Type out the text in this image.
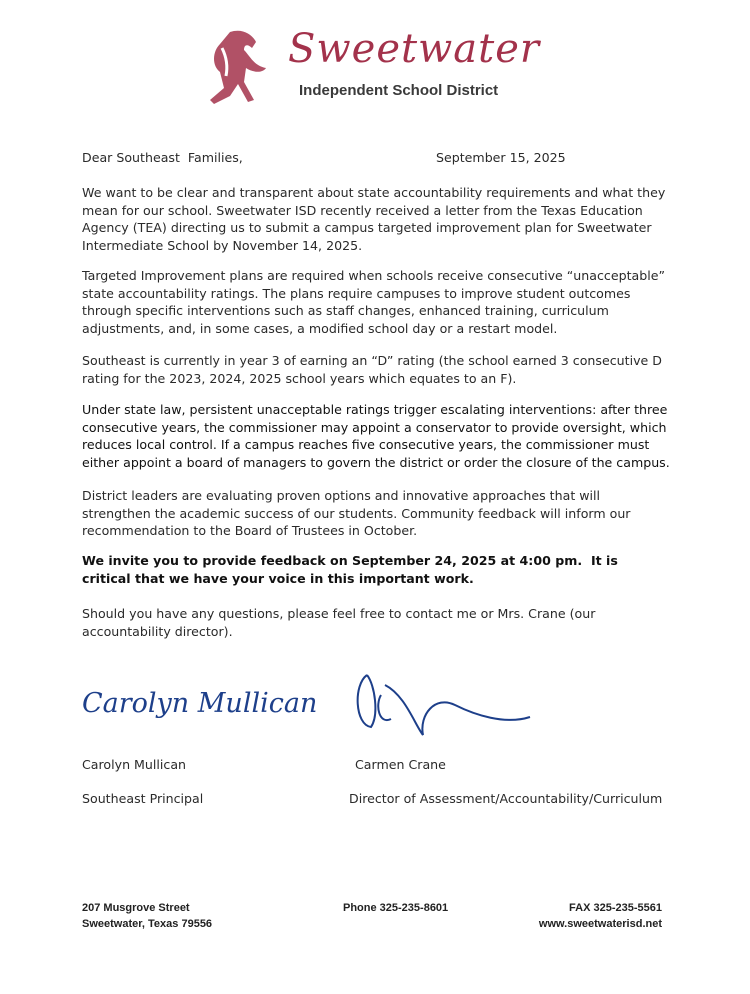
Sweetwater
Independent School District
Dear Southeast  Families,	September 15, 2025
We want to be clear and transparent about state accountability requirements and what they mean for our school. Sweetwater ISD recently received a letter from the Texas Education Agency (TEA) directing us to submit a campus targeted improvement plan for Sweetwater Intermediate School by November 14, 2025.
Targeted Improvement plans are required when schools receive consecutive “unacceptable” state accountability ratings. The plans require campuses to improve student outcomes through specific interventions such as staff changes, enhanced training, curriculum adjustments, and, in some cases, a modified school day or a restart model.
Southeast is currently in year 3 of earning an “D” rating (the school earned 3 consecutive D rating for the 2023, 2024, 2025 school years which equates to an F).
Under state law, persistent unacceptable ratings trigger escalating interventions: after three consecutive years, the commissioner may appoint a conservator to provide oversight, which reduces local control. If a campus reaches five consecutive years, the commissioner must either appoint a board of managers to govern the district or order the closure of the campus.
District leaders are evaluating proven options and innovative approaches that will strengthen the academic success of our students. Community feedback will inform our recommendation to the Board of Trustees in October.
We invite you to provide feedback on September 24, 2025 at 4:00 pm.  It is critical that we have your voice in this important work.
Should you have any questions, please feel free to contact me or Mrs. Crane (our accountability director).
Carolyn Mullican
Carolyn Mullican	Carmen Crane
Southeast Principal	Director of Assessment/Accountability/Curriculum
207 Musgrove Street
Sweetwater, Texas 79556
Phone 325-235-8601	FAX 325-235-5561
www.sweetwaterisd.net
